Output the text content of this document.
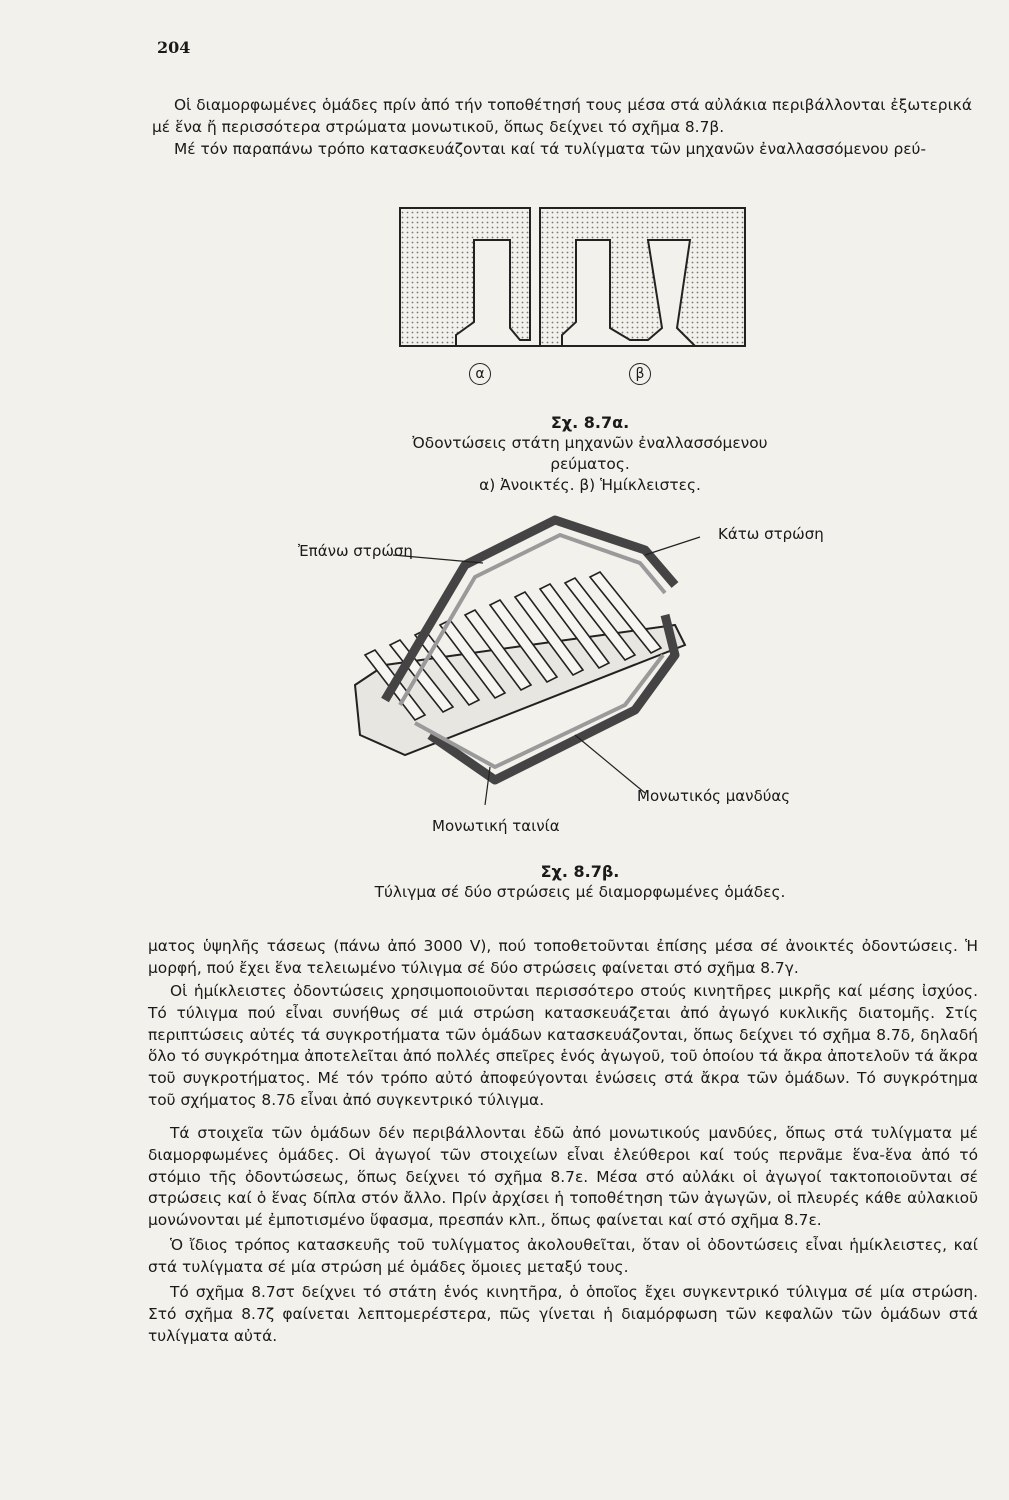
204

Οἱ διαμορφωμένες ὁμάδες πρίν ἀπό τήν τοποθέτησή τους μέσα στά αὐλάκια περιβάλλονται ἐξωτερικά μέ ἕνα ἤ περισσότερα στρώματα μονωτικοῦ, ὅπως δείχνει τό σχῆμα 8.7β.

Μέ τόν παραπάνω τρόπο κατασκευάζονται καί τά τυλίγματα τῶν μηχανῶν ἐναλλασσόμενου ρεύ-

α	β
Σχ. 8.7α.
Ὀδοντώσεις στάτη μηχανῶν ἐναλλασσόμενου ρεύματος.
α) Ἀνοικτές. β) Ἡμίκλειστες.
Ἐπάνω στρώση
Κάτω στρώση
Μονωτικός μανδύας
Μονωτική ταινία
Σχ. 8.7β.
Τύλιγμα σέ δύο στρώσεις μέ διαμορφωμένες ὁμάδες.

ματος ὑψηλῆς τάσεως (πάνω ἀπό 3000 V), πού τοποθετοῦνται ἐπίσης μέσα σέ ἀνοικτές ὀδοντώσεις. Ἡ μορφή, πού ἔχει ἕνα τελειωμένο τύλιγμα σέ δύο στρώσεις φαίνεται στό σχῆμα 8.7γ.

Οἱ ἡμίκλειστες ὀδοντώσεις χρησιμοποιοῦνται περισσότερο στούς κινητῆρες μικρῆς καί μέσης ἰσχύος. Τό τύλιγμα πού εἶναι συνήθως σέ μιά στρώση κατασκευάζεται ἀπό ἀγωγό κυκλικῆς διατομῆς. Στίς περιπτώσεις αὐτές τά συγκροτήματα τῶν ὁμάδων κατασκευάζονται, ὅπως δείχνει τό σχῆμα 8.7δ, δηλαδή ὅλο τό συγκρότημα ἀποτελεῖται ἀπό πολλές σπεῖρες ἑνός ἀγωγοῦ, τοῦ ὁποίου τά ἄκρα ἀποτελοῦν τά ἄκρα τοῦ συγκροτήματος. Μέ τόν τρόπο αὐτό ἀποφεύγονται ἑνώσεις στά ἄκρα τῶν ὁμάδων. Τό συγκρότημα τοῦ σχήματος 8.7δ εἶναι ἀπό συγκεντρικό τύλιγμα.

Τά στοιχεῖα τῶν ὁμάδων δέν περιβάλλονται ἐδῶ ἀπό μονωτικούς μανδύες, ὅπως στά τυλίγματα μέ διαμορφωμένες ὁμάδες. Οἱ ἀγωγοί τῶν στοιχείων εἶναι ἐλεύθεροι καί τούς περνᾶμε ἕνα-ἕνα ἀπό τό στόμιο τῆς ὀδοντώσεως, ὅπως δείχνει τό σχῆμα 8.7ε. Μέσα στό αὐλάκι οἱ ἀγωγοί τακτοποιοῦνται σέ στρώσεις καί ὁ ἕνας δίπλα στόν ἄλλο. Πρίν ἀρχίσει ἡ τοποθέτηση τῶν ἀγωγῶν, οἱ πλευρές κάθε αὐλακιοῦ μονώνονται μέ ἐμποτισμένο ὕφασμα, πρεσπάν κλπ., ὅπως φαίνεται καί στό σχῆμα 8.7ε.

Ὁ ἴδιος τρόπος κατασκευῆς τοῦ τυλίγματος ἀκολουθεῖται, ὅταν οἱ ὀδοντώσεις εἶναι ἡμίκλειστες, καί στά τυλίγματα σέ μία στρώση μέ ὁμάδες ὅμοιες μεταξύ τους.

Τό σχῆμα 8.7στ δείχνει τό στάτη ἑνός κινητῆρα, ὁ ὁποῖος ἔχει συγκεντρικό τύλιγμα σέ μία στρώση. Στό σχῆμα 8.7ζ φαίνεται λεπτομερέστερα, πῶς γίνεται ἡ διαμόρφωση τῶν κεφαλῶν τῶν ὁμάδων στά τυλίγματα αὐτά.
